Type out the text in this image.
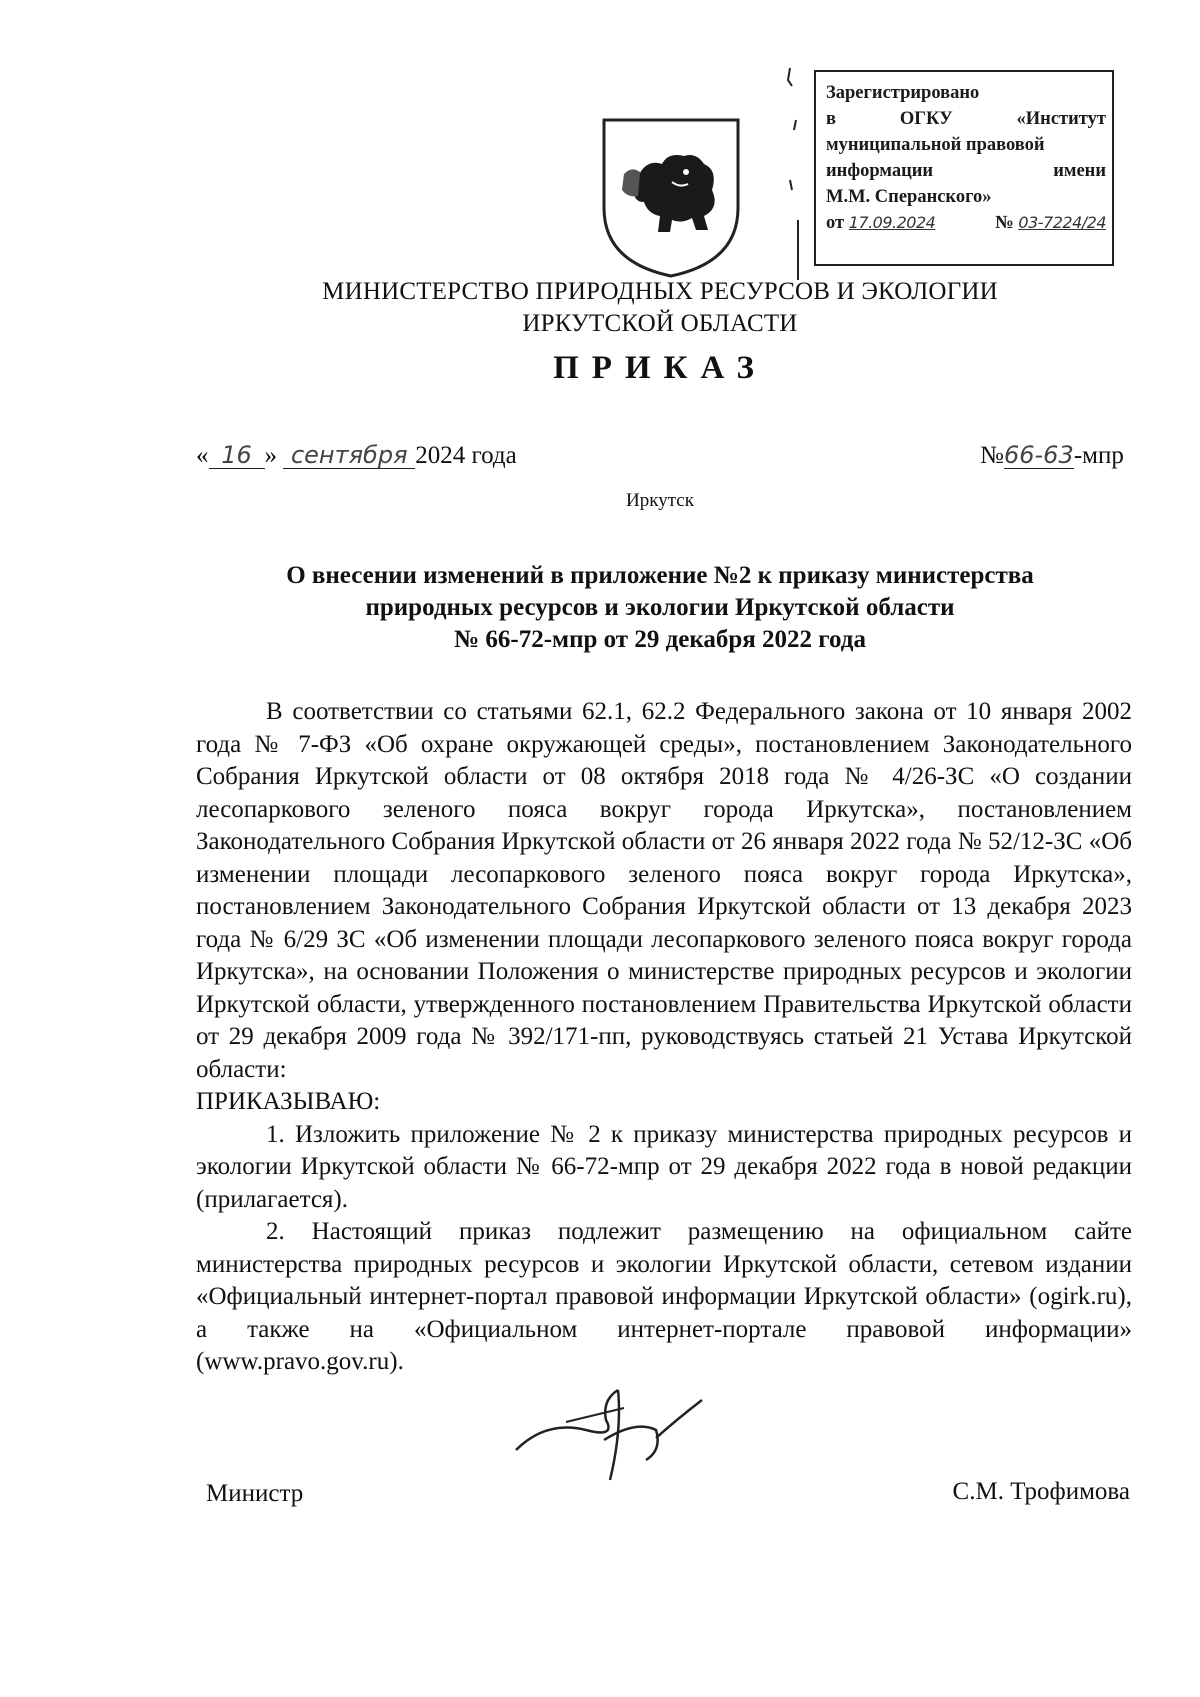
Зарегистрировано
в	ОГКУ	«Институт
муниципальной правовой
информации	имени
М.М. Сперанского»
от 17.09.2024	№ 03-7224/24
МИНИСТЕРСТВО ПРИРОДНЫХ РЕСУРСОВ И ЭКОЛОГИИ
ИРКУТСКОЙ ОБЛАСТИ
ПРИКАЗ
« 16 » сентября 2024 года	№66-63-мпр
Иркутск
О внесении изменений в приложение №2 к приказу министерства
природных ресурсов и экологии Иркутской области
№ 66-72-мпр от 29 декабря 2022 года

В соответствии со статьями 62.1, 62.2 Федерального закона от 10 января 2002 года № 7-ФЗ «Об охране окружающей среды», постановлением Законодательного Собрания Иркутской области от 08 октября 2018 года № 4/26-ЗС «О создании лесопаркового зеленого пояса вокруг города Иркутска», постановлением Законодательного Собрания Иркутской области от 26 января 2022 года № 52/12-ЗС «Об изменении площади лесопаркового зеленого пояса вокруг города Иркутска», постановлением Законодательного Собрания Иркутской области от 13 декабря 2023 года № 6/29 ЗС «Об изменении площади лесопаркового зеленого пояса вокруг города Иркутска», на основании Положения о министерстве природных ресурсов и экологии Иркутской области, утвержденного постановлением Правительства Иркутской области от 29 декабря 2009 года № 392/171-пп, руководствуясь статьей 21 Устава Иркутской области:

ПРИКАЗЫВАЮ:

1. Изложить приложение № 2 к приказу министерства природных ресурсов и экологии Иркутской области № 66-72-мпр от 29 декабря 2022 года в новой редакции (прилагается).

2. Настоящий приказ подлежит размещению на официальном сайте министерства природных ресурсов и экологии Иркутской области, сетевом издании «Официальный интернет-портал правовой информации Иркутской области» (ogirk.ru), а также на «Официальном интернет-портале правовой информации» (www.pravo.gov.ru).

Министр	С.М. Трофимова
